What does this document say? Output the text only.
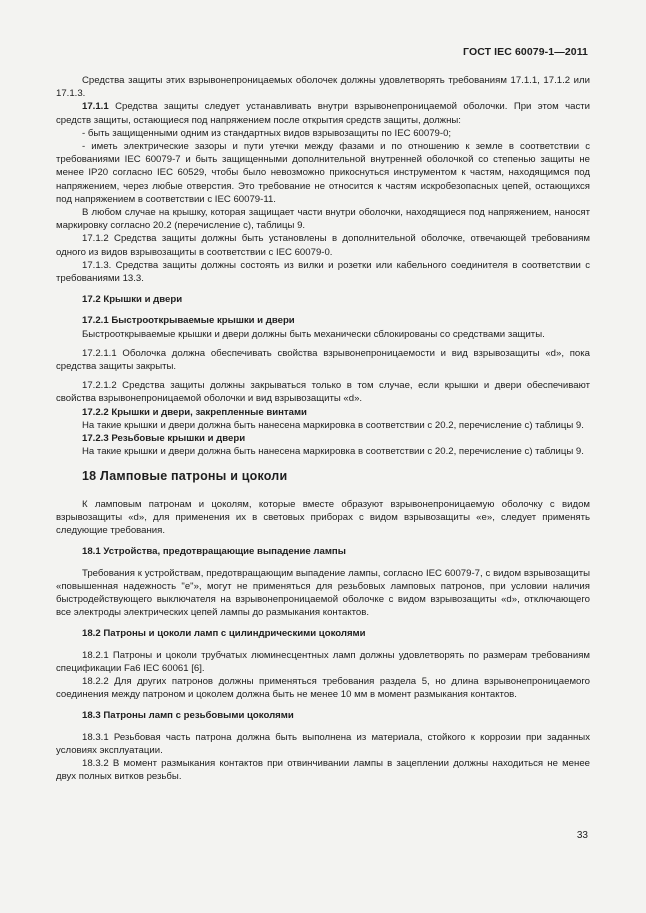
ГОСТ IEC 60079-1—2011

Средства защиты этих взрывонепроницаемых оболочек должны удовлетворять требованиям 17.1.1, 17.1.2 или 17.1.3.

17.1.1 Средства защиты следует устанавливать внутри взрывонепроницаемой оболочки. При этом части средств защиты, остающиеся под напряжением после открытия средств защиты, должны:

- быть защищенными одним из стандартных видов взрывозащиты по IEC 60079-0;

- иметь электрические зазоры и пути утечки между фазами и по отношению к земле в соответствии с требованиями IEC 60079-7 и быть защищенными дополнительной внутренней оболочкой со степенью защиты не менее IP20 согласно IEC 60529, чтобы было невозможно прикоснуться инструментом к частям, находящимся под напряжением, через любые отверстия. Это требование не относится к частям искробезопасных цепей, остающихся под напряжением в соответствии с IEC 60079-11.

В любом случае на крышку, которая защищает части внутри оболочки, находящиеся под напряжением, наносят маркировку согласно 20.2 (перечисление с), таблицы 9.

17.1.2 Средства защиты должны быть установлены в дополнительной оболочке, отвечающей требованиям одного из видов взрывозащиты в соответствии с IEC 60079-0.

17.1.3. Средства защиты должны состоять из вилки и розетки или кабельного соединителя в соответствии с требованиями 13.3.

17.2 Крышки и двери

17.2.1 Быстрооткрываемые крышки и двери

Быстрооткрываемые крышки и двери должны быть механически сблокированы со средствами защиты.

17.2.1.1 Оболочка должна обеспечивать свойства взрывонепроницаемости и вид взрывозащиты «d», пока средства защиты закрыты.

17.2.1.2 Средства защиты должны закрываться только в том случае, если крышки и двери обеспечивают свойства взрывонепроницаемой оболочки и вид взрывозащиты «d».

17.2.2 Крышки и двери, закрепленные винтами

На такие крышки и двери должна быть нанесена маркировка в соответствии с 20.2, перечисление с) таблицы 9.

17.2.3 Резьбовые крышки и двери

На такие крышки и двери должна быть нанесена маркировка в соответствии с 20.2, перечисление с) таблицы 9.

18 Ламповые патроны и цоколи

К ламповым патронам и цоколям, которые вместе образуют взрывонепроницаемую оболочку с видом взрывозащиты «d», для применения их в световых приборах с видом взрывозащиты «е», следует применять следующие требования.

18.1 Устройства, предотвращающие выпадение лампы

Требования к устройствам, предотвращающим выпадение лампы, согласно IEC 60079-7, с видом взрывозащиты «повышенная надежность "е"», могут не применяться для резьбовых ламповых патронов, при условии наличия быстродействующего выключателя на взрывонепроницаемой оболочке с видом взрывозащиты «d», отключающего все электроды электрических цепей лампы до размыкания контактов.

18.2 Патроны и цоколи ламп с цилиндрическими цоколями

18.2.1 Патроны и цоколи трубчатых люминесцентных ламп должны удовлетворять по размерам требованиям спецификации Fa6 IEC 60061 [6].

18.2.2 Для других патронов должны применяться требования раздела 5, но длина взрывонепроницаемого соединения между патроном и цоколем должна быть не менее 10 мм в момент размыкания контактов.

18.3 Патроны ламп с резьбовыми цоколями

18.3.1 Резьбовая часть патрона должна быть выполнена из материала, стойкого к коррозии при заданных условиях эксплуатации.

18.3.2 В момент размыкания контактов при отвинчивании лампы в зацеплении должны находиться не менее двух полных витков резьбы.

33
